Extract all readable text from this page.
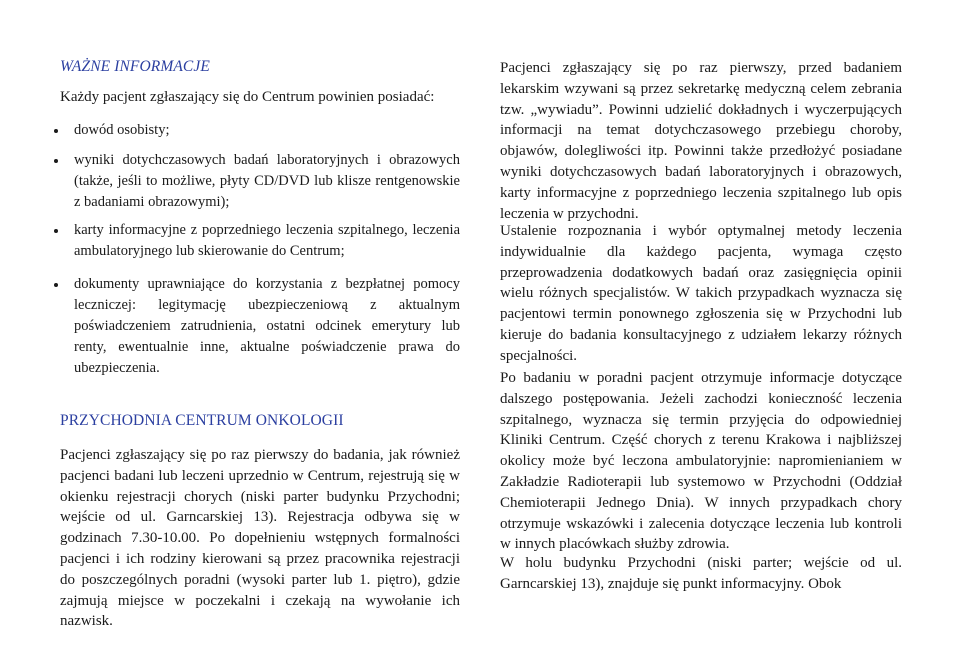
WAŻNE INFORMACJE
Każdy pacjent zgłaszający się do Centrum powinien posiadać:
dowód osobisty;
wyniki dotychczasowych badań laboratoryjnych i obrazowych (także, jeśli to możliwe, płyty CD/DVD lub klisze rentgenowskie z badaniami obrazowymi);
karty informacyjne z poprzedniego leczenia szpitalnego, leczenia ambulatoryjnego lub skierowanie do Centrum;
dokumenty uprawniające do korzystania z bezpłatnej pomocy leczniczej: legitymację ubezpieczeniową z aktualnym poświadczeniem zatrudnienia, ostatni odcinek emerytury lub renty, ewentualnie inne, aktualne poświadczenie prawa do ubezpieczenia.
PRZYCHODNIA CENTRUM ONKOLOGII
Pacjenci zgłaszający się po raz pierwszy do badania, jak również pacjenci badani lub leczeni uprzednio w Centrum, rejestrują się w okienku rejestracji chorych (niski parter budynku Przychodni; wejście od ul. Garncarskiej 13). Rejestracja odbywa się w godzinach 7.30-10.00. Po dopełnieniu wstępnych formalności pacjenci i ich rodziny kierowani są przez pracownika rejestracji do poszczególnych poradni (wysoki parter lub 1. piętro), gdzie zajmują miejsce w poczekalni i czekają na wywołanie ich nazwisk.
Pacjenci zgłaszający się po raz pierwszy, przed badaniem lekarskim wzywani są przez sekretarkę medyczną celem zebrania tzw. „wywiadu”. Powinni udzielić dokładnych i wyczerpujących informacji na temat dotychczasowego przebiegu choroby, objawów, dolegliwości itp. Powinni także przedłożyć posiadane wyniki dotychczasowych badań laboratoryjnych i obrazowych, karty informacyjne z poprzedniego leczenia szpitalnego lub opis leczenia w przychodni.
Ustalenie rozpoznania i wybór optymalnej metody leczenia indywidualnie dla każdego pacjenta, wymaga często przeprowadzenia dodatkowych badań oraz zasięgnięcia opinii wielu różnych specjalistów. W takich przypadkach wyznacza się pacjentowi termin ponownego zgłoszenia się w Przychodni lub kieruje do badania konsultacyjnego z udziałem lekarzy różnych specjalności.
Po badaniu w poradni pacjent otrzymuje informacje dotyczące dalszego postępowania. Jeżeli zachodzi konieczność leczenia szpitalnego, wyznacza się termin przyjęcia do odpowiedniej Kliniki Centrum. Część chorych z terenu Krakowa i najbliższej okolicy może być leczona ambulatoryjnie: napromienianiem w Zakładzie Radioterapii lub systemowo w Przychodni (Oddział Chemioterapii Jednego Dnia). W innych przypadkach chory otrzymuje wskazówki i zalecenia dotyczące leczenia lub kontroli w innych placówkach służby zdrowia.
W holu budynku Przychodni (niski parter; wejście od ul. Garncarskiej 13), znajduje się punkt informacyjny. Obok
